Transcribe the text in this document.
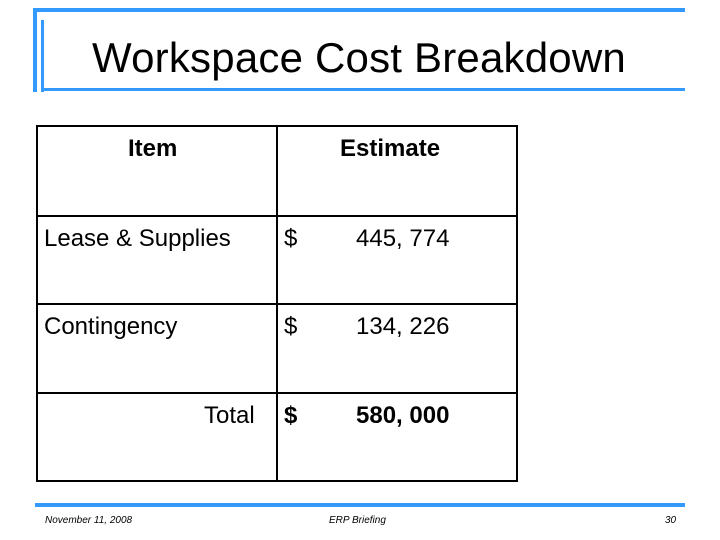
Workspace Cost Breakdown
Item	Estimate
Lease & Supplies $ 445, 774
Contingency	$ 134, 226
Total $ 580, 000
November 11, 2008	ERP Briefing	30
